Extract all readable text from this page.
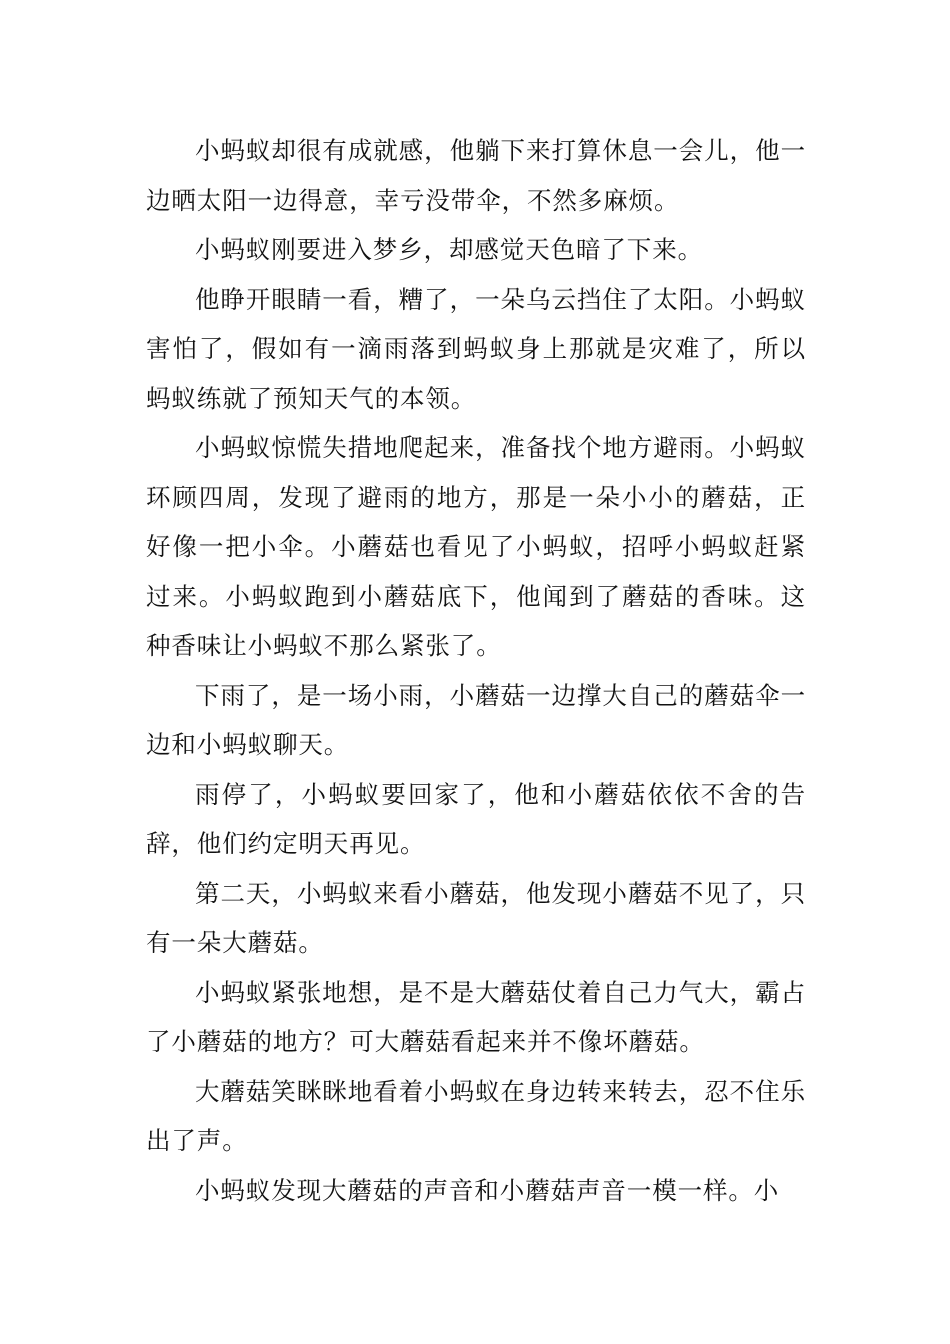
小蚂蚁却很有成就感，他躺下来打算休息一会儿，他一边晒太阳一边得意，幸亏没带伞，不然多麻烦。

小蚂蚁刚要进入梦乡，却感觉天色暗了下来。

他睁开眼睛一看，糟了，一朵乌云挡住了太阳。小蚂蚁害怕了，假如有一滴雨落到蚂蚁身上那就是灾难了，所以蚂蚁练就了预知天气的本领。

小蚂蚁惊慌失措地爬起来，准备找个地方避雨。小蚂蚁环顾四周，发现了避雨的地方，那是一朵小小的蘑菇，正好像一把小伞。小蘑菇也看见了小蚂蚁，招呼小蚂蚁赶紧过来。小蚂蚁跑到小蘑菇底下，他闻到了蘑菇的香味。这种香味让小蚂蚁不那么紧张了。

下雨了，是一场小雨，小蘑菇一边撑大自己的蘑菇伞一边和小蚂蚁聊天。

雨停了，小蚂蚁要回家了，他和小蘑菇依依不舍的告辞，他们约定明天再见。

第二天，小蚂蚁来看小蘑菇，他发现小蘑菇不见了，只有一朵大蘑菇。

小蚂蚁紧张地想，是不是大蘑菇仗着自己力气大，霸占了小蘑菇的地方？可大蘑菇看起来并不像坏蘑菇。

大蘑菇笑眯眯地看着小蚂蚁在身边转来转去，忍不住乐出了声。

小蚂蚁发现大蘑菇的声音和小蘑菇声音一模一样。小
